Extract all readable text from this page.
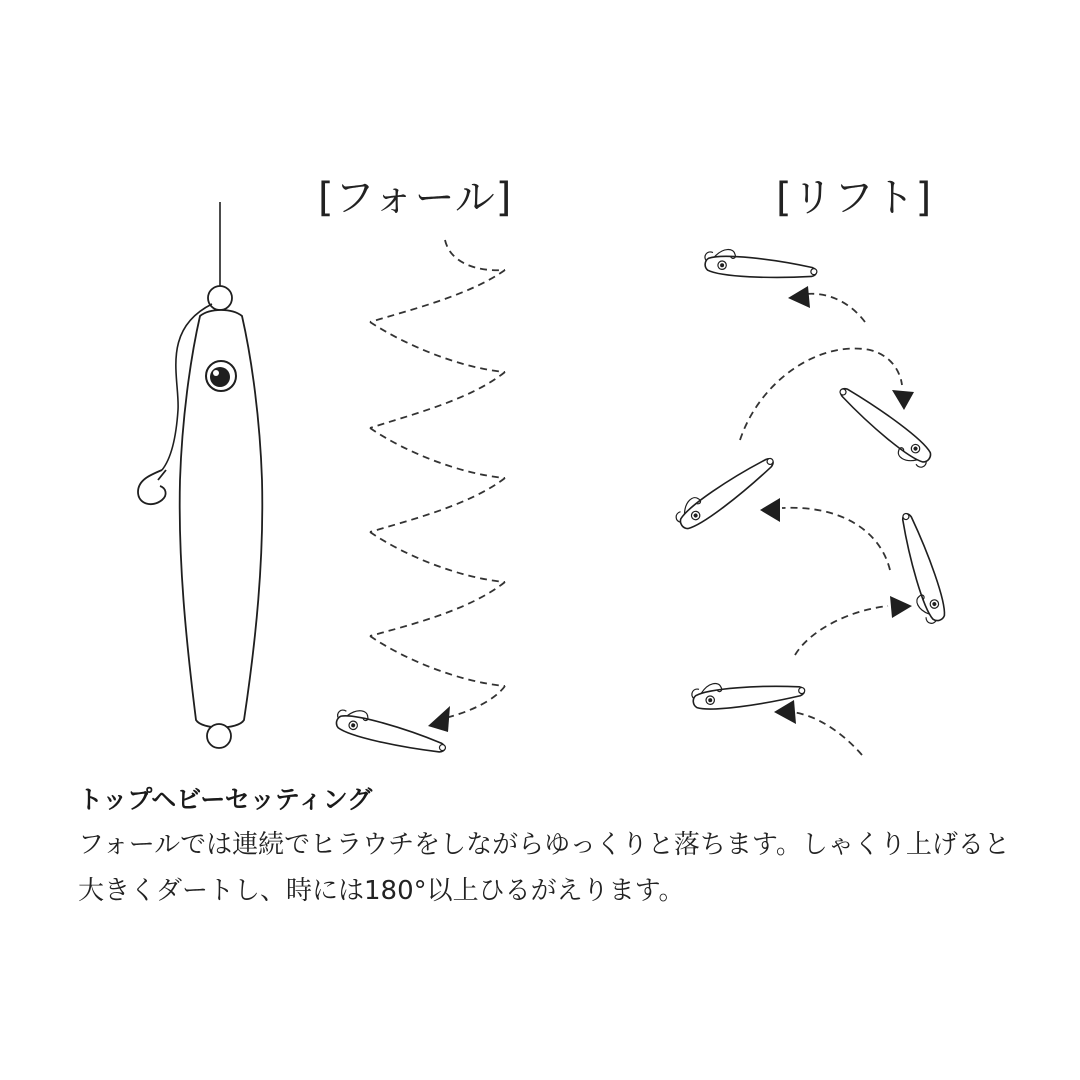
[フォール]	[リフト]
トップヘビーセッティング
フォールでは連続でヒラウチをしながらゆっくりと落ちます。しゃくり上げると
大きくダートし、時には180°以上ひるがえります。
